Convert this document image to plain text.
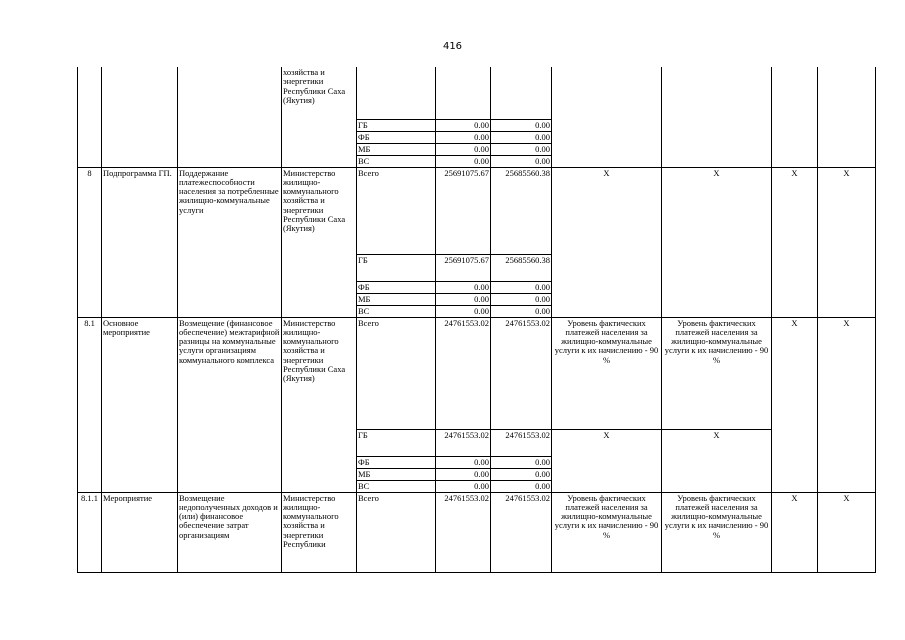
416
			хозяйства и энергетики Республики Саха (Якутия)							
				ГБ	0.00	0.00				
				ФБ	0.00	0.00				
				МБ	0.00	0.00				
				ВС	0.00	0.00				
8	Подпрограмма ГП.	Поддержание платежеспособности населения за потребленные жилищно-коммунальные услуги	Министерство жилищно-коммунального хозяйства и энергетики Республики Саха (Якутия)	Всего	25691075.67	25685560.38	Х	Х	Х	Х
				ГБ	25691075.67	25685560.38				
				ФБ	0.00	0.00				
				МБ	0.00	0.00				
				ВС	0.00	0.00				
8.1	Основное мероприятие	Возмещение (финансовое обеспечение) межтарифной разницы на коммунальные услуги организациям коммунального комплекса	Министерство жилищно-коммунального хозяйства и энергетики Республики Саха (Якутия)	Всего	24761553.02	24761553.02	Уровень фактических платежей населения за жилищно-коммунальные услуги к их начислению - 90 %	Уровень фактических платежей населения за жилищно-коммунальные услуги к их начислению - 90 %	Х	Х
				ГБ	24761553.02	24761553.02	Х	Х		
				ФБ	0.00	0.00				
				МБ	0.00	0.00				
				ВС	0.00	0.00				
8.1.1	Мероприятие	Возмещение недополученных доходов и (или) финансовое обеспечение затрат организациям	Министерство жилищно-коммунального хозяйства и энергетики Республики	Всего	24761553.02	24761553.02	Уровень фактических платежей населения за жилищно-коммунальные услуги к их начислению - 90 %	Уровень фактических платежей населения за жилищно-коммунальные услуги к их начислению - 90 %	Х	Х
